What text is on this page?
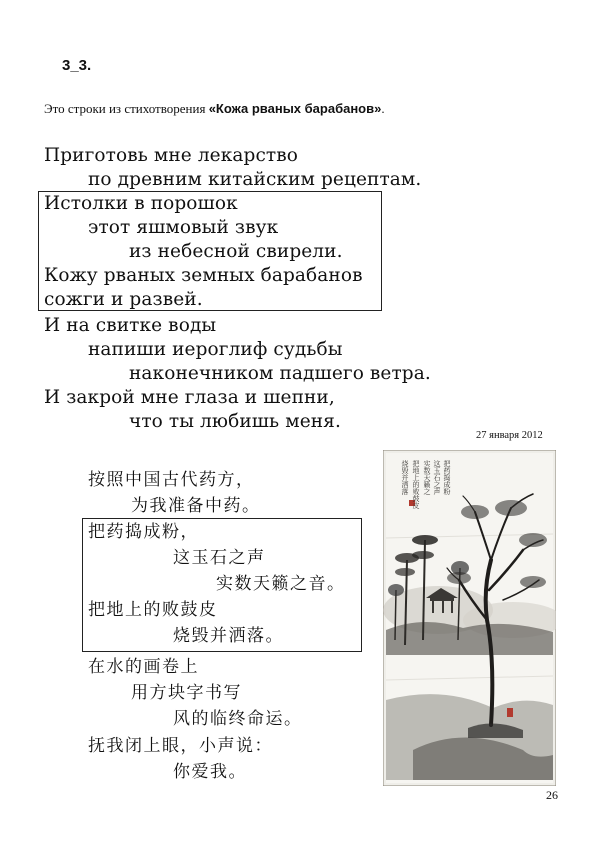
3_3.
Это строки из стихотворения «Кожа рваных барабанов».
Приготовь мне лекарство
по древним китайским рецептам.
Истолки в порошок
этот яшмовый звук
из небесной свирели.
Кожу рваных земных барабанов
сожги и развей.
И на свитке воды
напиши иероглиф судьбы
наконечником падшего ветра.
И закрой мне глаза и шепни,
что ты любишь меня.
27 января 2012
按照中国古代药方，
为我准备中药。
把药捣成粉，
这玉石之声
实数天籁之音。
把地上的败鼓皮
烧毁并洒落。
在水的画卷上
用方块字书写
风的临终命运。
抚我闭上眼，小声说：
你爱我。
把药捣成粉
这玉石之声
实数天籁之
把地上的败鼓皮
烧毁并洒落
26
